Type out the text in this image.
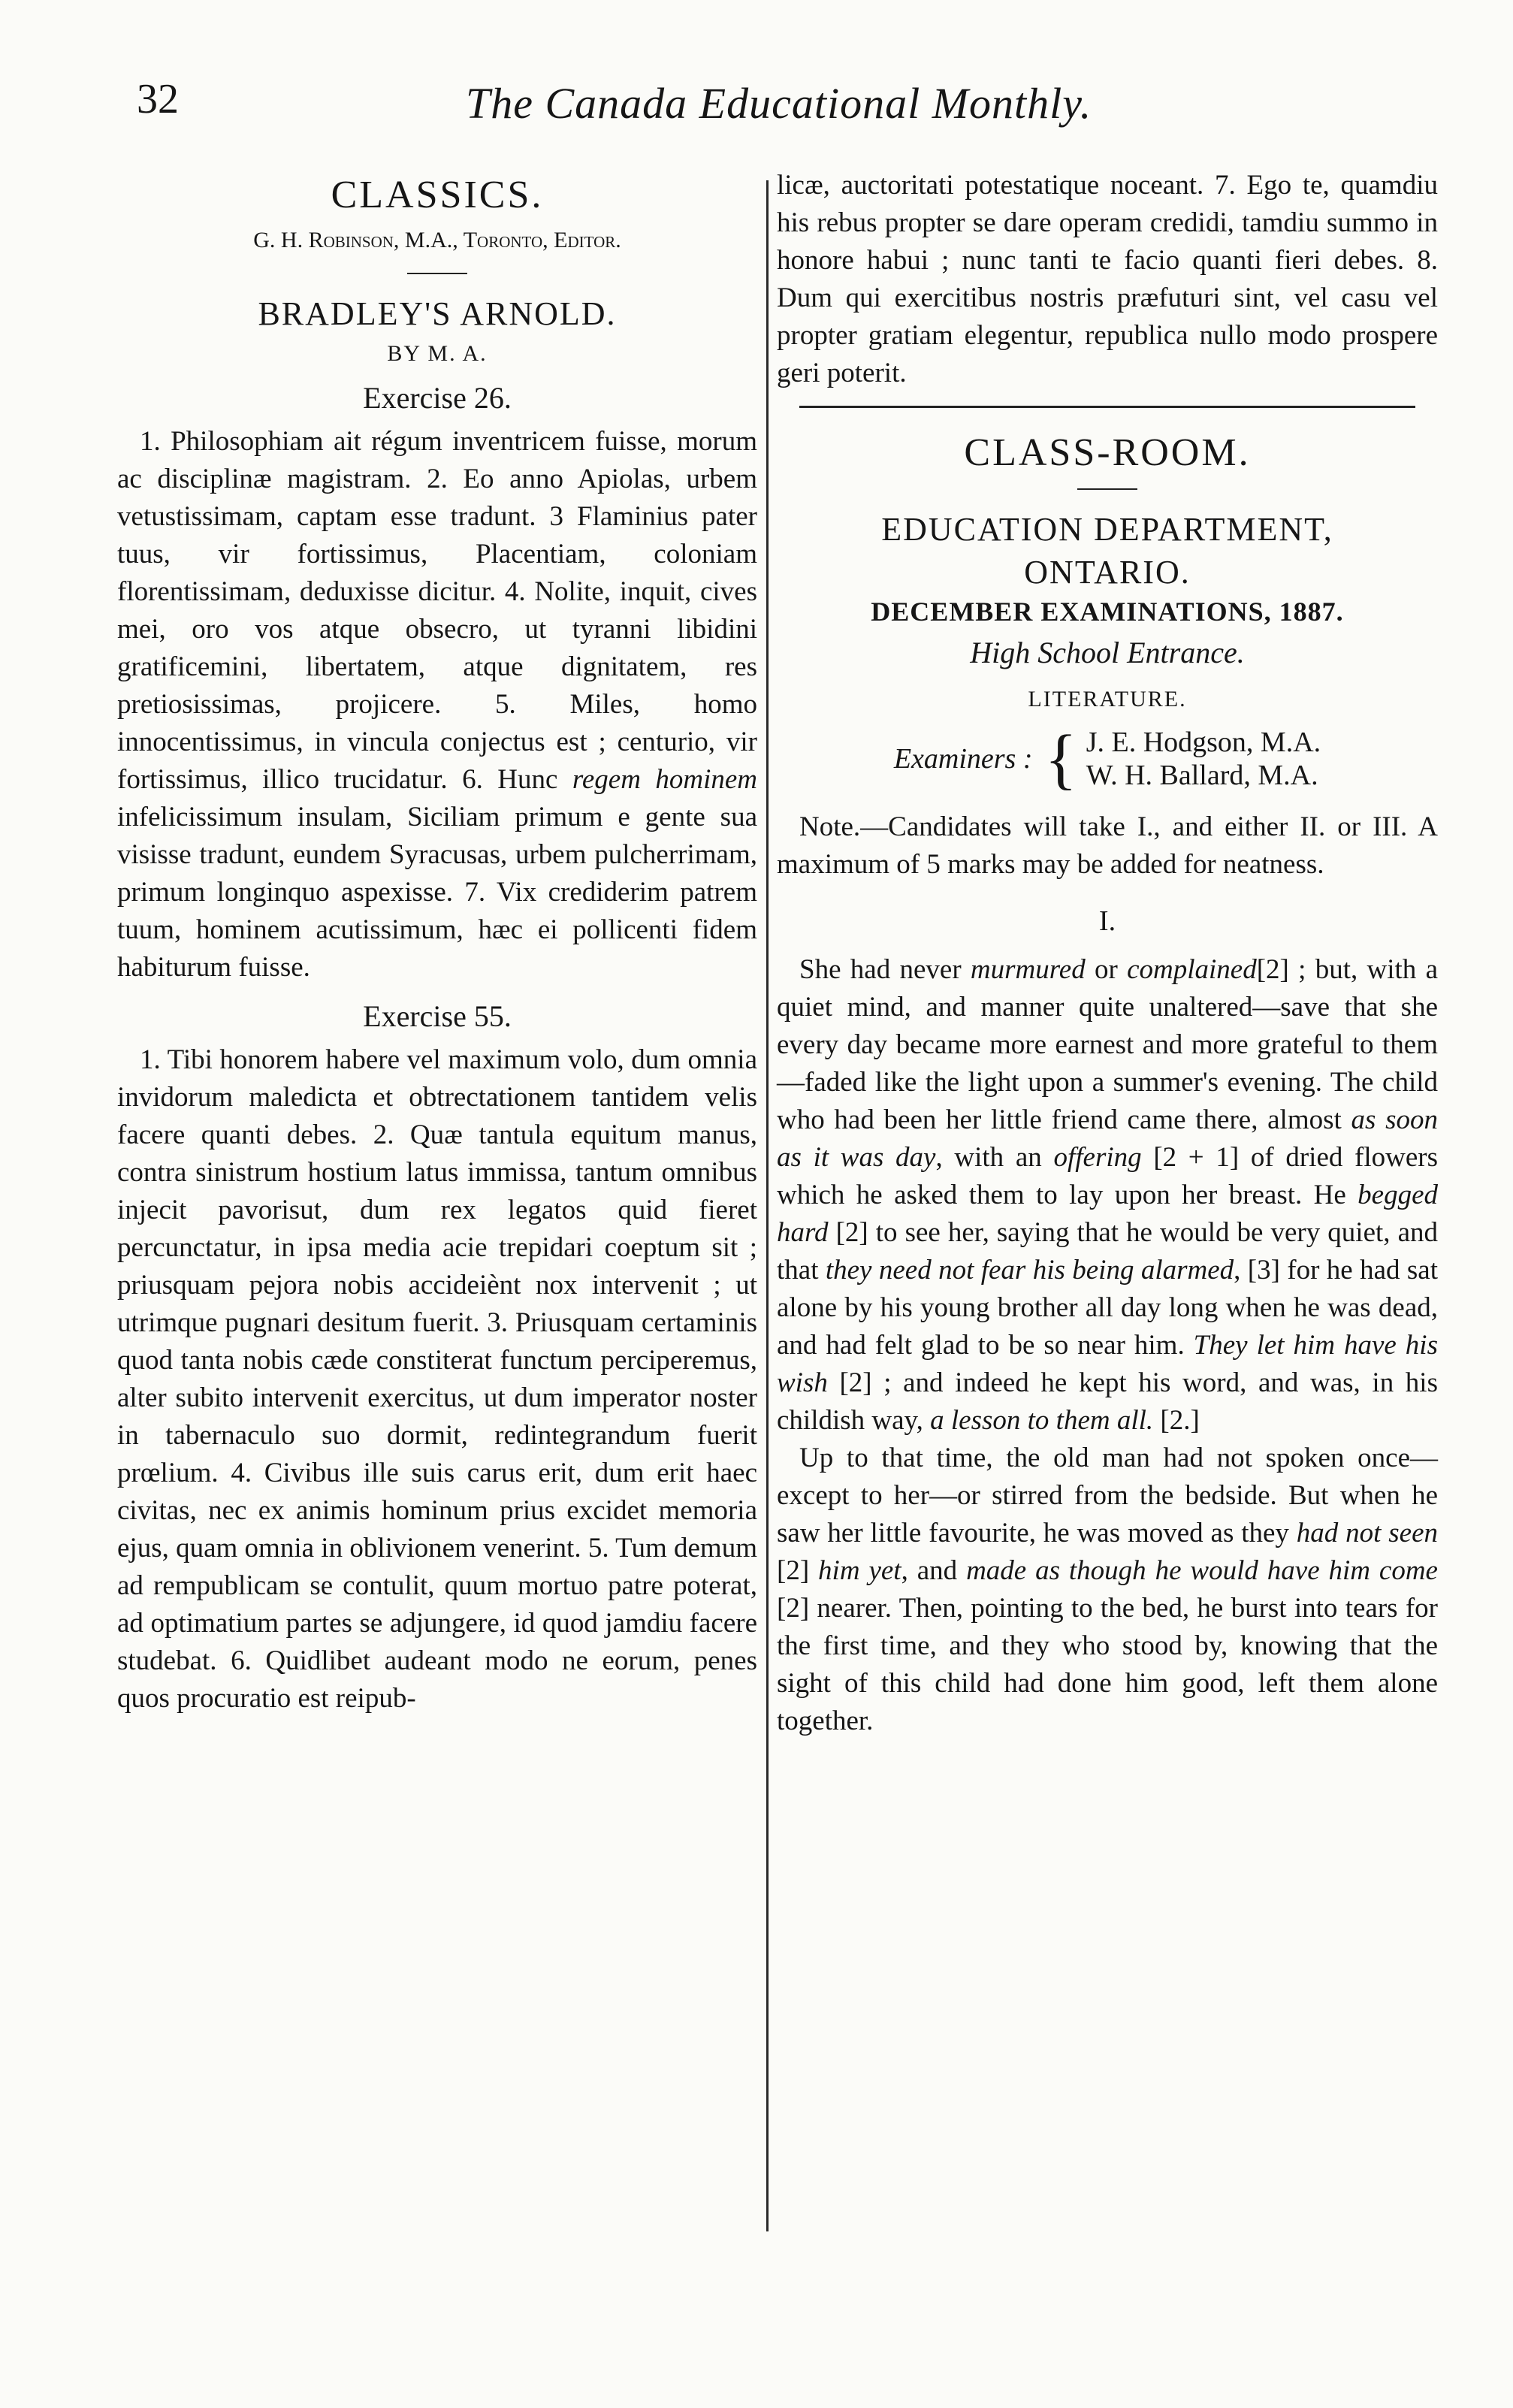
32	The Canada Educational Monthly.
CLASSICS.
G. H. Robinson, M.A., Toronto, Editor.
BRADLEY'S ARNOLD.
BY M. A.
Exercise 26.

1. Philosophiam ait régum inventricem fuisse, morum ac disciplinæ magistram. 2. Eo anno Apiolas, urbem vetustissimam, captam esse tradunt. 3 Flaminius pater tuus, vir fortissimus, Placentiam, coloniam florentissimam, deduxisse dicitur. 4. Nolite, inquit, cives mei, oro vos atque obsecro, ut tyranni libidini gratificemini, libertatem, atque dignitatem, res pretiosissimas, projicere. 5. Miles, homo innocentissimus, in vincula conjectus est ; centurio, vir fortissimus, illico trucidatur. 6. Hunc regem hominem infelicissimum insulam, Siciliam primum e gente sua visisse tradunt, eundem Syracusas, urbem pulcherrimam, primum longinquo aspexisse. 7. Vix crediderim patrem tuum, hominem acutissimum, hæc ei pollicenti fidem habiturum fuisse.

Exercise 55.

1. Tibi honorem habere vel maximum volo, dum omnia invidorum maledicta et obtrectationem tantidem velis facere quanti debes. 2. Quæ tantula equitum manus, contra sinistrum hostium latus immissa, tantum omnibus injecit pavorisut, dum rex legatos quid fieret percunctatur, in ipsa media acie trepidari coeptum sit ; priusquam pejora nobis accideiènt nox intervenit ; ut utrimque pugnari desitum fuerit. 3. Priusquam certaminis quod tanta nobis cæde constiterat functum perciperemus, alter subito intervenit exercitus, ut dum imperator noster in tabernaculo suo dormit, redintegrandum fuerit prœlium. 4. Civibus ille suis carus erit, dum erit haec civitas, nec ex animis hominum prius excidet memoria ejus, quam omnia in oblivionem venerint. 5. Tum demum ad rempublicam se contulit, quum mortuo patre poterat, ad optimatium partes se adjungere, id quod jamdiu facere studebat. 6. Quidlibet audeant modo ne eorum, penes quos procuratio est reipub-

licæ, auctoritati potestatique noceant. 7. Ego te, quamdiu his rebus propter se dare operam credidi, tamdiu summo in honore habui ; nunc tanti te facio quanti fieri debes. 8. Dum qui exercitibus nostris præfuturi sint, vel casu vel propter gratiam elegentur, republica nullo modo prospere geri poterit.

CLASS-ROOM.
EDUCATION DEPARTMENT,
ONTARIO.
DECEMBER EXAMINATIONS, 1887.
High School Entrance.
LITERATURE.
Examiners : { J. E. Hodgson, M.A.
W. H. Ballard, M.A.

Note.—Candidates will take I., and either II. or III. A maximum of 5 marks may be added for neatness.

I.

She had never murmured or complained[2] ; but, with a quiet mind, and manner quite unaltered—save that she every day became more earnest and more grateful to them—faded like the light upon a summer's evening. The child who had been her little friend came there, almost as soon as it was day, with an offering [2 + 1] of dried flowers which he asked them to lay upon her breast. He begged hard [2] to see her, saying that he would be very quiet, and that they need not fear his being alarmed, [3] for he had sat alone by his young brother all day long when he was dead, and had felt glad to be so near him. They let him have his wish [2] ; and indeed he kept his word, and was, in his childish way, a lesson to them all. [2.]

Up to that time, the old man had not spoken once—except to her—or stirred from the bedside. But when he saw her little favourite, he was moved as they had not seen [2] him yet, and made as though he would have him come [2] nearer. Then, pointing to the bed, he burst into tears for the first time, and they who stood by, knowing that the sight of this child had done him good, left them alone together.
